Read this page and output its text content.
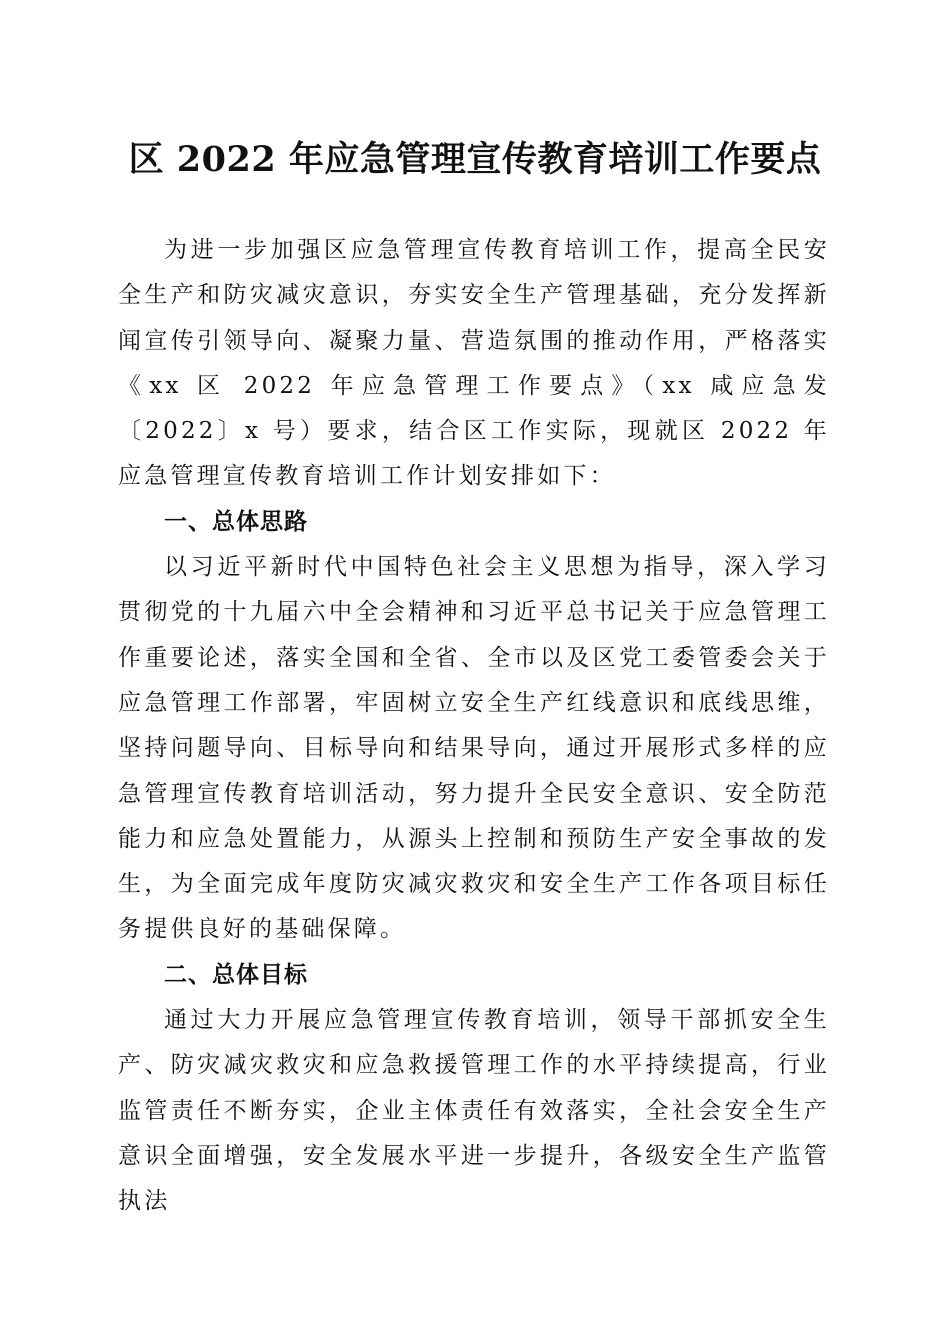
区 2022 年应急管理宣传教育培训工作要点

为进一步加强区应急管理宣传教育培训工作，提高全民安全生产和防灾减灾意识，夯实安全生产管理基础，充分发挥新闻宣传引领导向、凝聚力量、营造氛围的推动作用，严格落实《xx 区 2022 年应急管理工作要点》（xx 咸应急发〔2022〕x 号）要求，结合区工作实际，现就区 2022 年应急管理宣传教育培训工作计划安排如下：

一、总体思路

以习近平新时代中国特色社会主义思想为指导，深入学习贯彻党的十九届六中全会精神和习近平总书记关于应急管理工作重要论述，落实全国和全省、全市以及区党工委管委会关于应急管理工作部署，牢固树立安全生产红线意识和底线思维，坚持问题导向、目标导向和结果导向，通过开展形式多样的应急管理宣传教育培训活动，努力提升全民安全意识、安全防范能力和应急处置能力，从源头上控制和预防生产安全事故的发生，为全面完成年度防灾减灾救灾和安全生产工作各项目标任务提供良好的基础保障。

二、总体目标

通过大力开展应急管理宣传教育培训，领导干部抓安全生产、防灾减灾救灾和应急救援管理工作的水平持续提高，行业监管责任不断夯实，企业主体责任有效落实，全社会安全生产意识全面增强，安全发展水平进一步提升，各级安全生产监管执法
